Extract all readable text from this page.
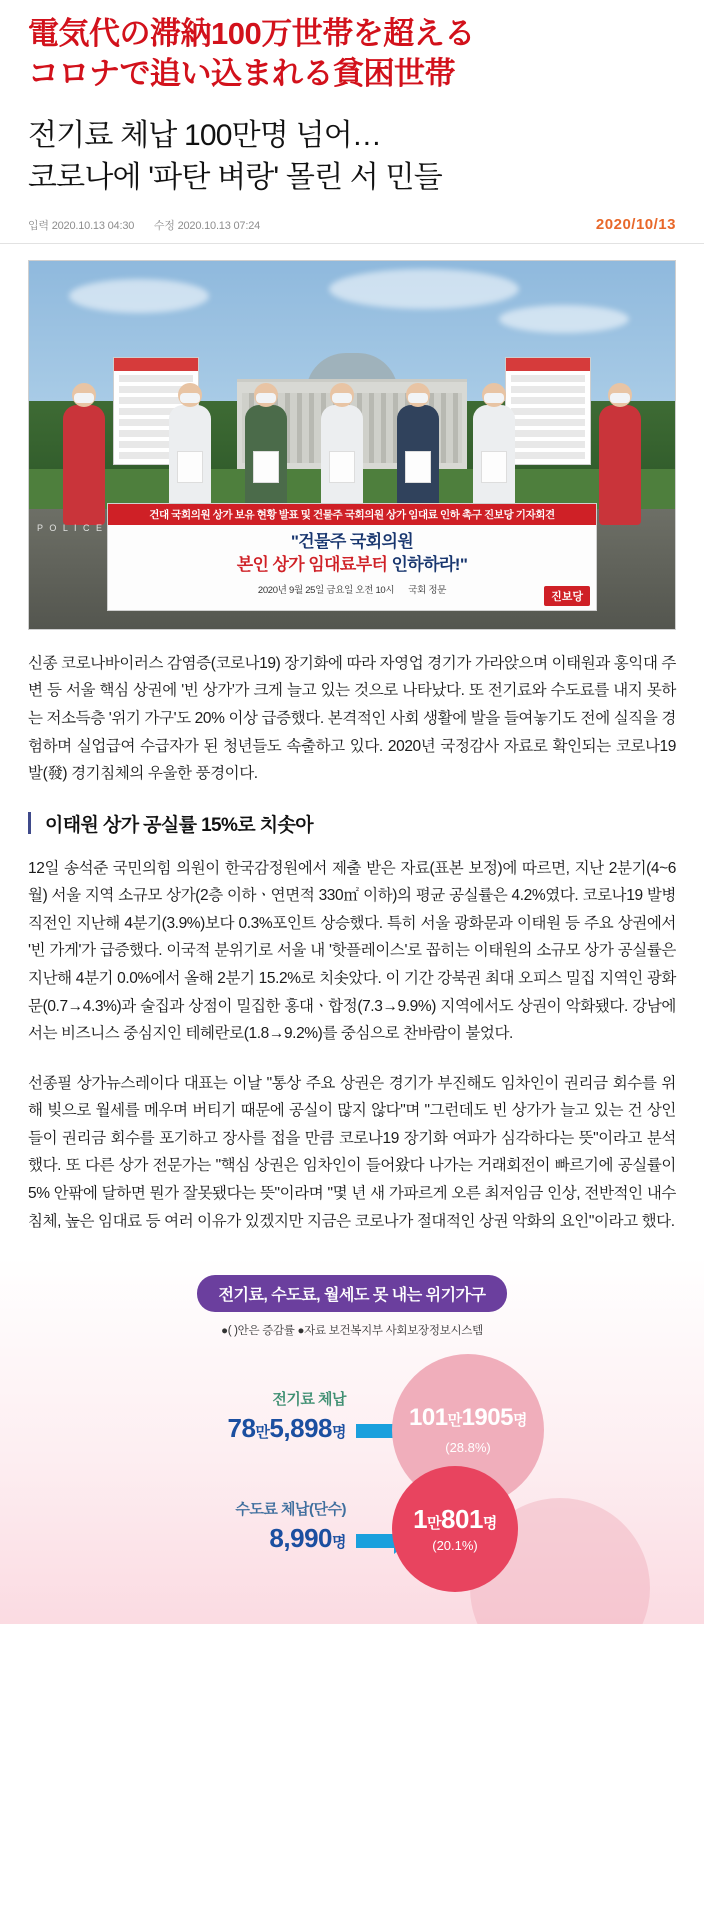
電気代の滞納100万世帯を超える
コロナで追い込まれる貧困世帯
전기료 체납 100만명 넘어…
코로나에 '파탄 벼랑' 몰린 서 민들
입력 2020.10.13 04:30 수정 2020.10.13 07:24	2020/10/13
P O L I C E
건대 국회의원 상가 보유 현황 발표 및 건물주 국회의원 상가 임대료 인하 촉구 진보당 기자회견
"건물주 국회의원
본인 상가 임대료부터 인하하라!"
2020년 9월 25일 금요일 오전 10시 국회 정문
진보당

신종 코로나바이러스 감염증(코로나19) 장기화에 따라 자영업 경기가 가라앉으며 이태원과 홍익대 주변 등 서울 핵심 상권에 '빈 상가'가 크게 늘고 있는 것으로 나타났다. 또 전기료와 수도료를 내지 못하는 저소득층 '위기 가구'도 20% 이상 급증했다. 본격적인 사회 생활에 발을 들여놓기도 전에 실직을 경험하며 실업급여 수급자가 된 청년들도 속출하고 있다. 2020년 국정감사 자료로 확인되는 코로나19발(發) 경기침체의 우울한 풍경이다.

이태원 상가 공실률 15%로 치솟아

12일 송석준 국민의힘 의원이 한국감정원에서 제출 받은 자료(표본 보정)에 따르면, 지난 2분기(4~6월) 서울 지역 소규모 상가(2층 이하ㆍ연면적 330㎡ 이하)의 평균 공실률은 4.2%였다. 코로나19 발병 직전인 지난해 4분기(3.9%)보다 0.3%포인트 상승했다. 특히 서울 광화문과 이태원 등 주요 상권에서 '빈 가게'가 급증했다. 이국적 분위기로 서울 내 '핫플레이스'로 꼽히는 이태원의 소규모 상가 공실률은 지난해 4분기 0.0%에서 올해 2분기 15.2%로 치솟았다. 이 기간 강북권 최대 오피스 밀집 지역인 광화문(0.7→4.3%)과 술집과 상점이 밀집한 홍대ㆍ합정(7.3→9.9%) 지역에서도 상권이 악화됐다. 강남에서는 비즈니스 중심지인 테헤란로(1.8→9.2%)를 중심으로 찬바람이 불었다.

선종필 상가뉴스레이다 대표는 이날 "통상 주요 상권은 경기가 부진해도 임차인이 권리금 회수를 위해 빚으로 월세를 메우며 버티기 때문에 공실이 많지 않다"며 "그런데도 빈 상가가 늘고 있는 건 상인들이 권리금 회수를 포기하고 장사를 접을 만큼 코로나19 장기화 여파가 심각하다는 뜻"이라고 분석했다. 또 다른 상가 전문가는 "핵심 상권은 임차인이 들어왔다 나가는 거래회전이 빠르기에 공실률이 5% 안팎에 달하면 뭔가 잘못됐다는 뜻"이라며 "몇 년 새 가파르게 오른 최저임금 인상, 전반적인 내수침체, 높은 임대료 등 여러 이유가 있겠지만 지금은 코로나가 절대적인 상권 악화의 요인"이라고 했다.

전기료, 수도료, 월세도 못 내는 위기가구
●( )안은 증감률 ●자료 보건복지부 사회보장정보시스템
전기료 체납
78만5,898명
101만1905명
(28.8%)
수도료 체납(단수)
8,990명
1만801명
(20.1%)
